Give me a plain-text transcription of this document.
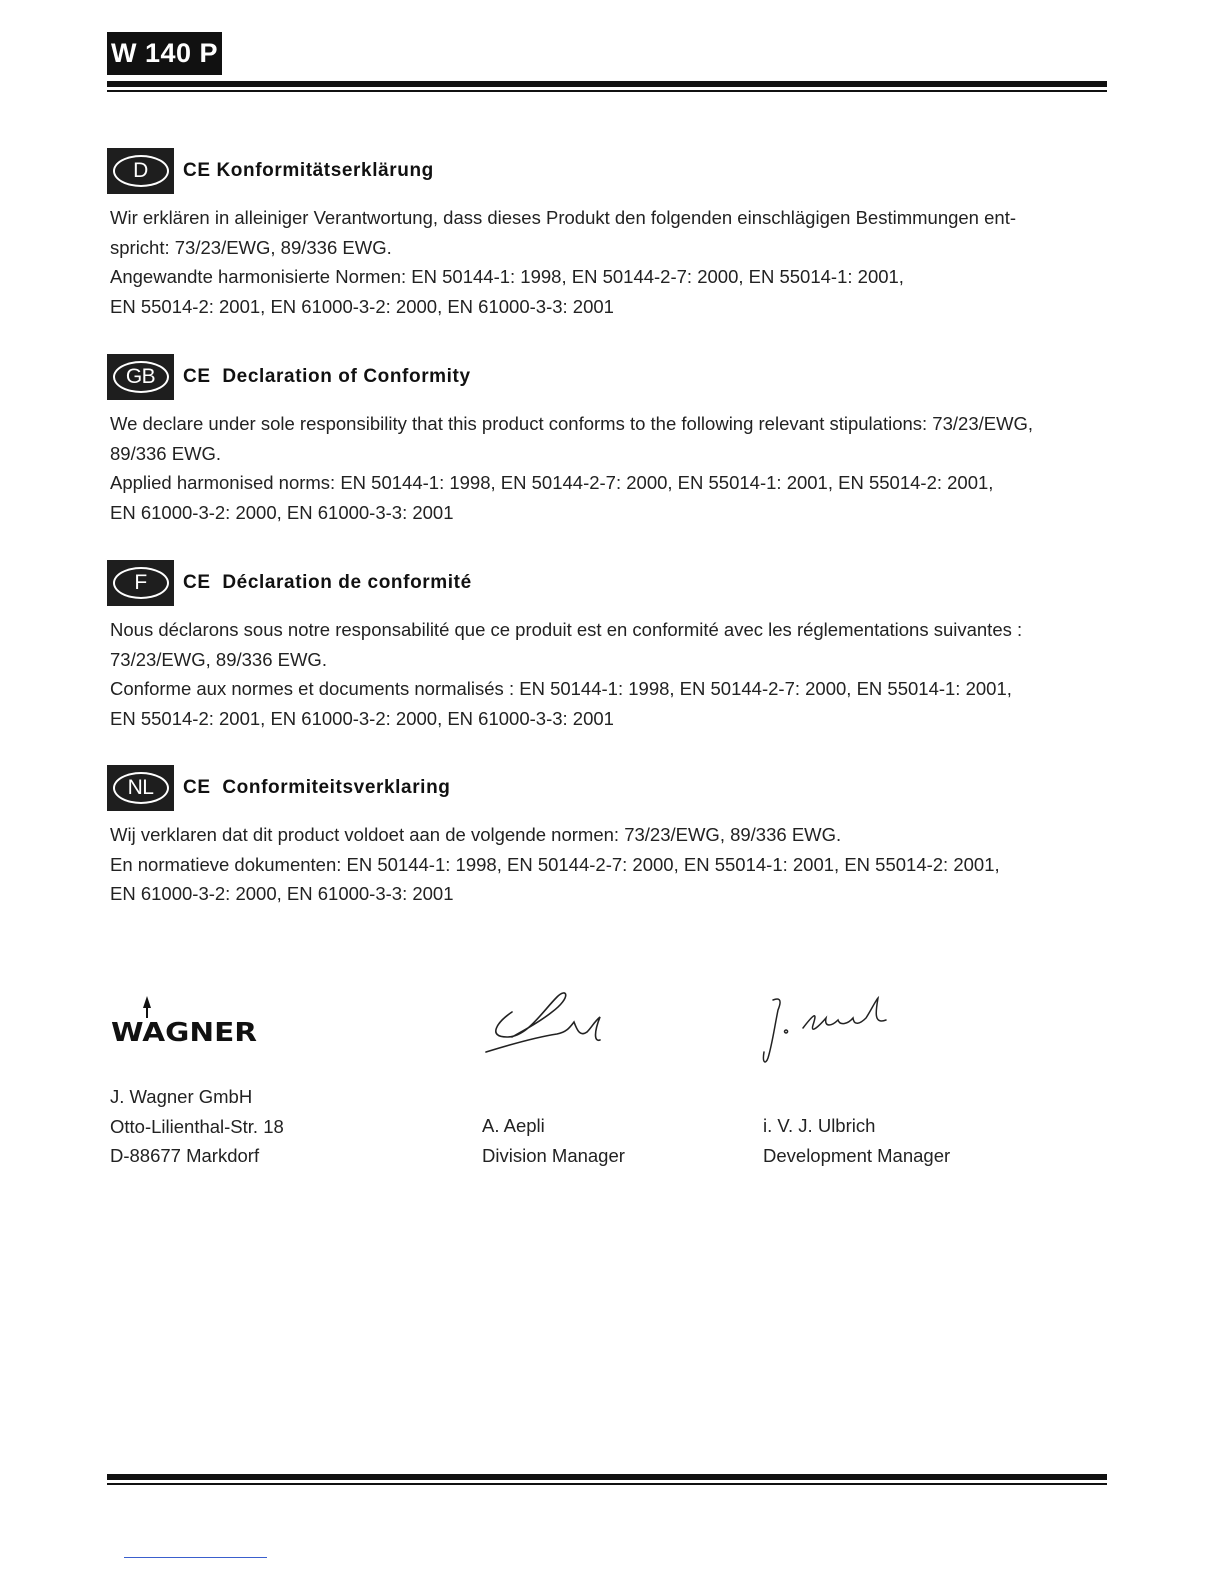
W 140 P
D	CE Konformitätserklärung

Wir erklären in alleiniger Verantwortung, dass dieses Produkt den folgenden einschlägigen Bestimmungen ent-

spricht: 73/23/EWG, 89/336 EWG.

Angewandte harmonisierte Normen: EN 50144-1: 1998, EN 50144-2-7: 2000, EN 55014-1: 2001,

EN 55014-2: 2001, EN 61000-3-2: 2000, EN 61000-3-3: 2001

GB	CE  Declaration of Conformity

We declare under sole responsibility that this product conforms to the following relevant stipulations: 73/23/EWG,

89/336 EWG.

Applied harmonised norms: EN 50144-1: 1998, EN 50144-2-7: 2000, EN 55014-1: 2001, EN 55014-2: 2001,

EN 61000-3-2: 2000, EN 61000-3-3: 2001

F	CE  Déclaration de conformité

Nous déclarons sous notre responsabilité que ce produit est en conformité avec les réglementations suivantes :

73/23/EWG, 89/336 EWG.

Conforme aux normes et documents normalisés : EN 50144-1: 1998, EN 50144-2-7: 2000, EN 55014-1: 2001,

EN 55014-2: 2001, EN 61000-3-2: 2000, EN 61000-3-3: 2001

NL	CE  Conformiteitsverklaring

Wij verklaren dat dit product voldoet aan de volgende normen: 73/23/EWG, 89/336 EWG.

En normatieve dokumenten: EN 50144-1: 1998, EN 50144-2-7: 2000, EN 55014-1: 2001, EN 55014-2: 2001,

EN 61000-3-2: 2000, EN 61000-3-3: 2001

WAGNER

J. Wagner GmbH

Otto-Lilienthal-Str. 18

D-88677 Markdorf

A. Aepli

Division Manager

i. V. J. Ulbrich

Development Manager
